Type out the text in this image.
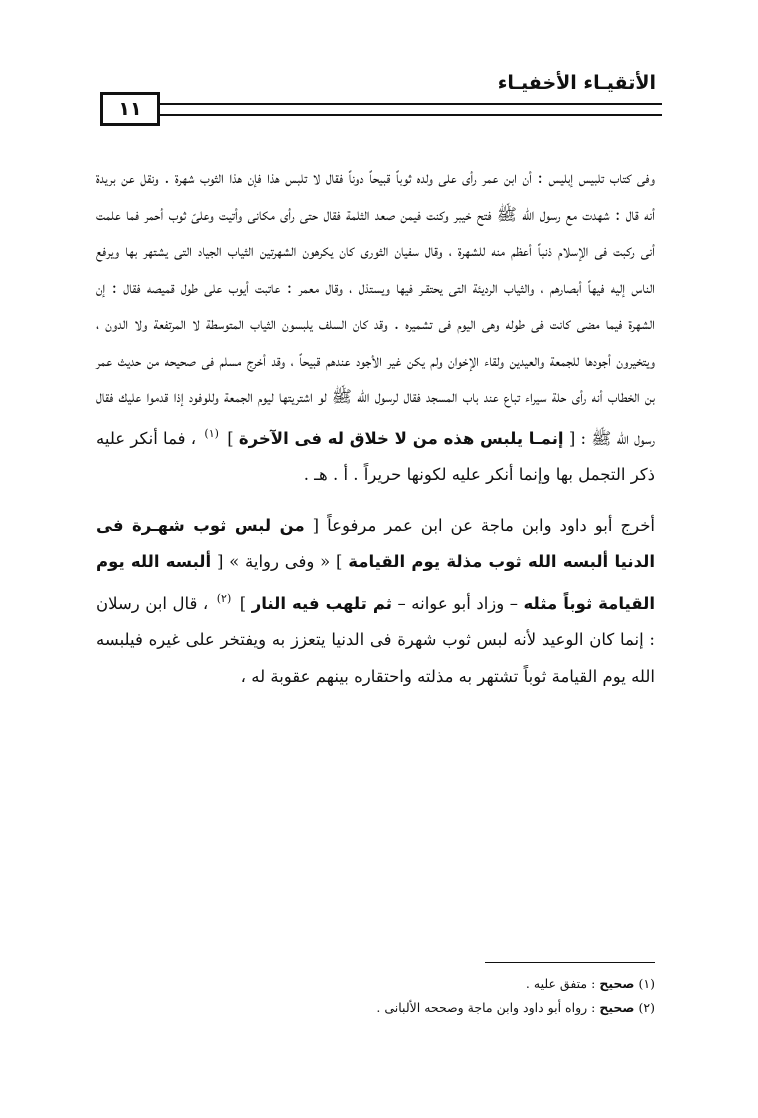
الأتقيـاء الأخفيـاء
١١

وفى كتاب تلبيس إبليس : أن ابن عمر رأى على ولده ثوباً قبيحاً دوناً فقال لا تلبس هذا فإن هذا الثوب شهرة . ونقل عن بريدة أنه قال : شهدت مع رسول الله ﷺ فتح خيبر وكنت فيمن صعد الثلمة فقال حتى رأى مكانى وأتيت وعلىّ ثوب أحمر فما علمت أنى ركبت فى الإسلام ذنباً أعظم منه للشهرة ، وقال سفيان الثورى كان يكرهون الشهرتين الثياب الجياد التى يشتهر بها ويرفع الناس إليه فيهاً أبصارهم ، والثياب الرديئة التى يحتقـر فيها ويستذل ، وقال معمر : عاتبت أيوب على طول قميصه فقال : إن الشهرة فيما مضى كانت فى طوله وهى اليوم فى تشميره . وقد كان السلف يلبسون الثياب المتوسطة لا المرتفعة ولا الدون ، ويتخيرون أجودها للجمعة والعيدين ولقاء الإخوان ولم يكن غير الأجود عندهم قبيحاً ، وقد أخرج مسلم فى صحيحه من حديث عمر بن الخطاب أنه رأى حلة سيراء تباع عند باب المسجد فقال لرسول الله ﷺ لو اشتريتها ليوم الجمعة وللوفود إذا قدموا عليك فقال رسول الله ﷺ : [ إنمـا يلبس هذه من لا خلاق له فى الآخرة ] $^{(١)}$ ، فما أنكر عليه ذكر التجمل بها وإنما أنكر عليه لكونها حريراً . أ . هـ .

أخرج أبو داود وابن ماجة عن ابن عمر مرفوعاً [ من لبس ثوب شهـرة فى الدنيا ألبسه الله ثوب مذلة يوم القيامة ] « وفى رواية » [ ألبسه الله يوم القيامة ثوباً مثله – وزاد أبو عوانه – ثم تلهب فيه النار ] $^{(٢)}$ ، قال ابن رسلان : إنما كان الوعيد لأنه لبس ثوب شهرة فى الدنيا يتعزز به ويفتخر على غيره فيلبسه الله يوم القيامة ثوباً تشتهر به مذلته واحتقاره بينهم عقوبة له ،

(١) صحيح : متفق عليه .
(٢) صحيح : رواه أبو داود وابن ماجة وصححه الألبانى .
